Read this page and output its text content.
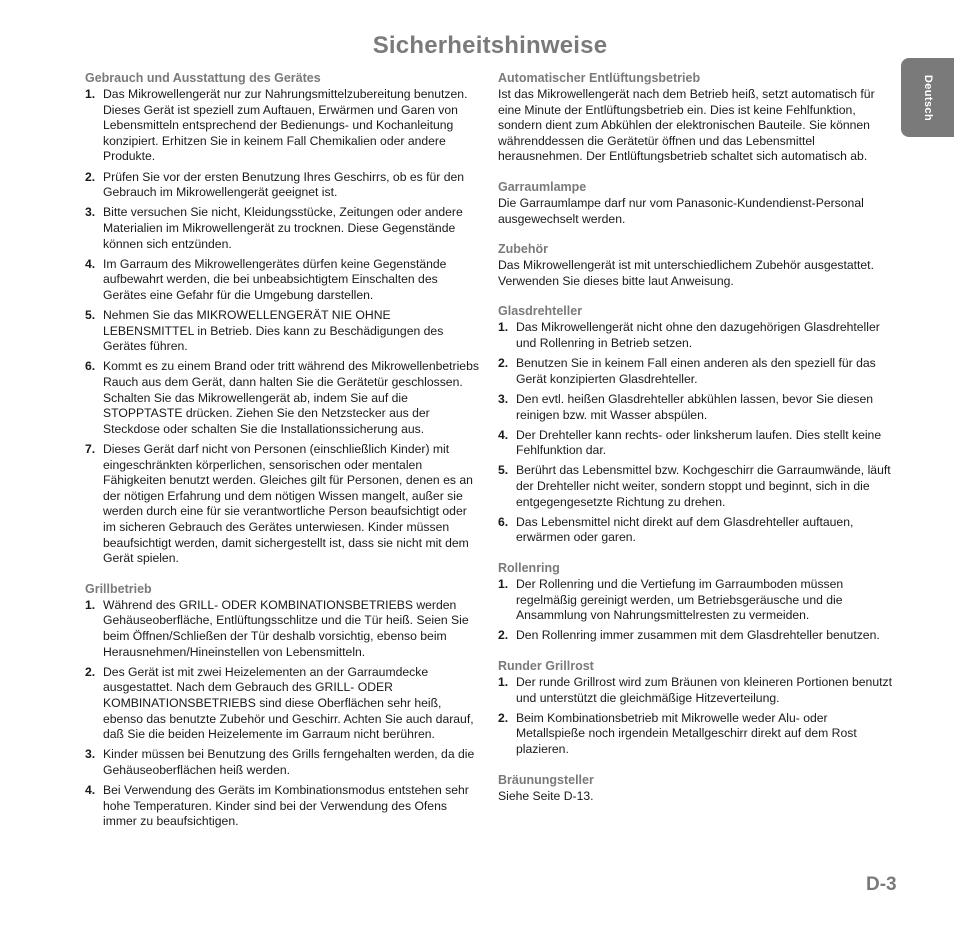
Sicherheitshinweise
Deutsch
Gebrauch und Ausstattung des Gerätes
1. Das Mikrowellengerät nur zur Nahrungsmittelzubereitung benutzen. Dieses Gerät ist speziell zum Auftauen, Erwärmen und Garen von Lebensmitteln entsprechend der Bedienungs- und Kochanleitung konzipiert. Erhitzen Sie in keinem Fall Chemikalien oder andere Produkte.
2. Prüfen Sie vor der ersten Benutzung Ihres Geschirrs, ob es für den Gebrauch im Mikrowellengerät geeignet ist.
3. Bitte versuchen Sie nicht, Kleidungsstücke, Zeitungen oder andere Materialien im Mikrowellengerät zu trocknen. Diese Gegenstände können sich entzünden.
4. Im Garraum des Mikrowellengerätes dürfen keine Gegenstände aufbewahrt werden, die bei unbeabsichtigtem Einschalten des Gerätes eine Gefahr für die Umgebung darstellen.
5. Nehmen Sie das MIKROWELLENGERÄT NIE OHNE LEBENSMITTEL in Betrieb. Dies kann zu Beschädigungen des Gerätes führen.
6. Kommt es zu einem Brand oder tritt während des Mikrowellenbetriebs Rauch aus dem Gerät, dann halten Sie die Gerätetür geschlossen. Schalten Sie das Mikrowellengerät ab, indem Sie auf die STOPPTASTE drücken. Ziehen Sie den Netzstecker aus der Steckdose oder schalten Sie die Installationssicherung aus.
7. Dieses Gerät darf nicht von Personen (einschließlich Kinder) mit eingeschränkten körperlichen, sensorischen oder mentalen Fähigkeiten benutzt werden. Gleiches gilt für Personen, denen es an der nötigen Erfahrung und dem nötigen Wissen mangelt, außer sie werden durch eine für sie verantwortliche Person beaufsichtigt oder im sicheren Gebrauch des Gerätes unterwiesen. Kinder müssen beaufsichtigt werden, damit sichergestellt ist, dass sie nicht mit dem Gerät spielen.
Grillbetrieb
1. Während des GRILL- ODER KOMBINATIONSBETRIEBS werden Gehäuseoberfläche, Entlüftungsschlitze und die Tür heiß. Seien Sie beim Öffnen/Schließen der Tür deshalb vorsichtig, ebenso beim Herausnehmen/Hineinstellen von Lebensmitteln.
2. Des Gerät ist mit zwei Heizelementen an der Garraumdecke ausgestattet. Nach dem Gebrauch des GRILL- ODER KOMBINATIONSBETRIEBS sind diese Oberflächen sehr heiß, ebenso das benutzte Zubehör und Geschirr. Achten Sie auch darauf, daß Sie die beiden Heizelemente im Garraum nicht berühren.
3. Kinder müssen bei Benutzung des Grills ferngehalten werden, da die Gehäuseoberflächen heiß werden.
4. Bei Verwendung des Geräts im Kombinationsmodus entstehen sehr hohe Temperaturen. Kinder sind bei der Verwendung des Ofens immer zu beaufsichtigen.
Automatischer Entlüftungsbetrieb

Ist das Mikrowellengerät nach dem Betrieb heiß, setzt automatisch für eine Minute der Entlüftungsbetrieb ein. Dies ist keine Fehlfunktion, sondern dient zum Abkühlen der elektronischen Bauteile. Sie können währenddessen die Gerätetür öffnen und das Lebensmittel herausnehmen. Der Entlüftungsbetrieb schaltet sich automatisch ab.

Garraumlampe

Die Garraumlampe darf nur vom Panasonic-Kundendienst-Personal ausgewechselt werden.

Zubehör

Das Mikrowellengerät ist mit unterschiedlichem Zubehör ausgestattet. Verwenden Sie dieses bitte laut Anweisung.

Glasdrehteller
1. Das Mikrowellengerät nicht ohne den dazugehörigen Glasdrehteller und Rollenring in Betrieb setzen.
2. Benutzen Sie in keinem Fall einen anderen als den speziell für das Gerät konzipierten Glasdrehteller.
3. Den evtl. heißen Glasdrehteller abkühlen lassen, bevor Sie diesen reinigen bzw. mit Wasser abspülen.
4. Der Drehteller kann rechts- oder linksherum laufen. Dies stellt keine Fehlfunktion dar.
5. Berührt das Lebensmittel bzw. Kochgeschirr die Garraumwände, läuft der Drehteller nicht weiter, sondern stoppt und beginnt, sich in die entgegengesetzte Richtung zu drehen.
6. Das Lebensmittel nicht direkt auf dem Glasdrehteller auftauen, erwärmen oder garen.
Rollenring
1. Der Rollenring und die Vertiefung im Garraumboden müssen regelmäßig gereinigt werden, um Betriebsgeräusche und die Ansammlung von Nahrungsmittelresten zu vermeiden.
2. Den Rollenring immer zusammen mit dem Glasdrehteller benutzen.
Runder Grillrost
1. Der runde Grillrost wird zum Bräunen von kleineren Portionen benutzt und unterstützt die gleichmäßige Hitzeverteilung.
2. Beim Kombinationsbetrieb mit Mikrowelle weder Alu- oder Metallspieße noch irgendein Metallgeschirr direkt auf dem Rost plazieren.
Bräunungsteller

Siehe Seite D-13.

D-3
